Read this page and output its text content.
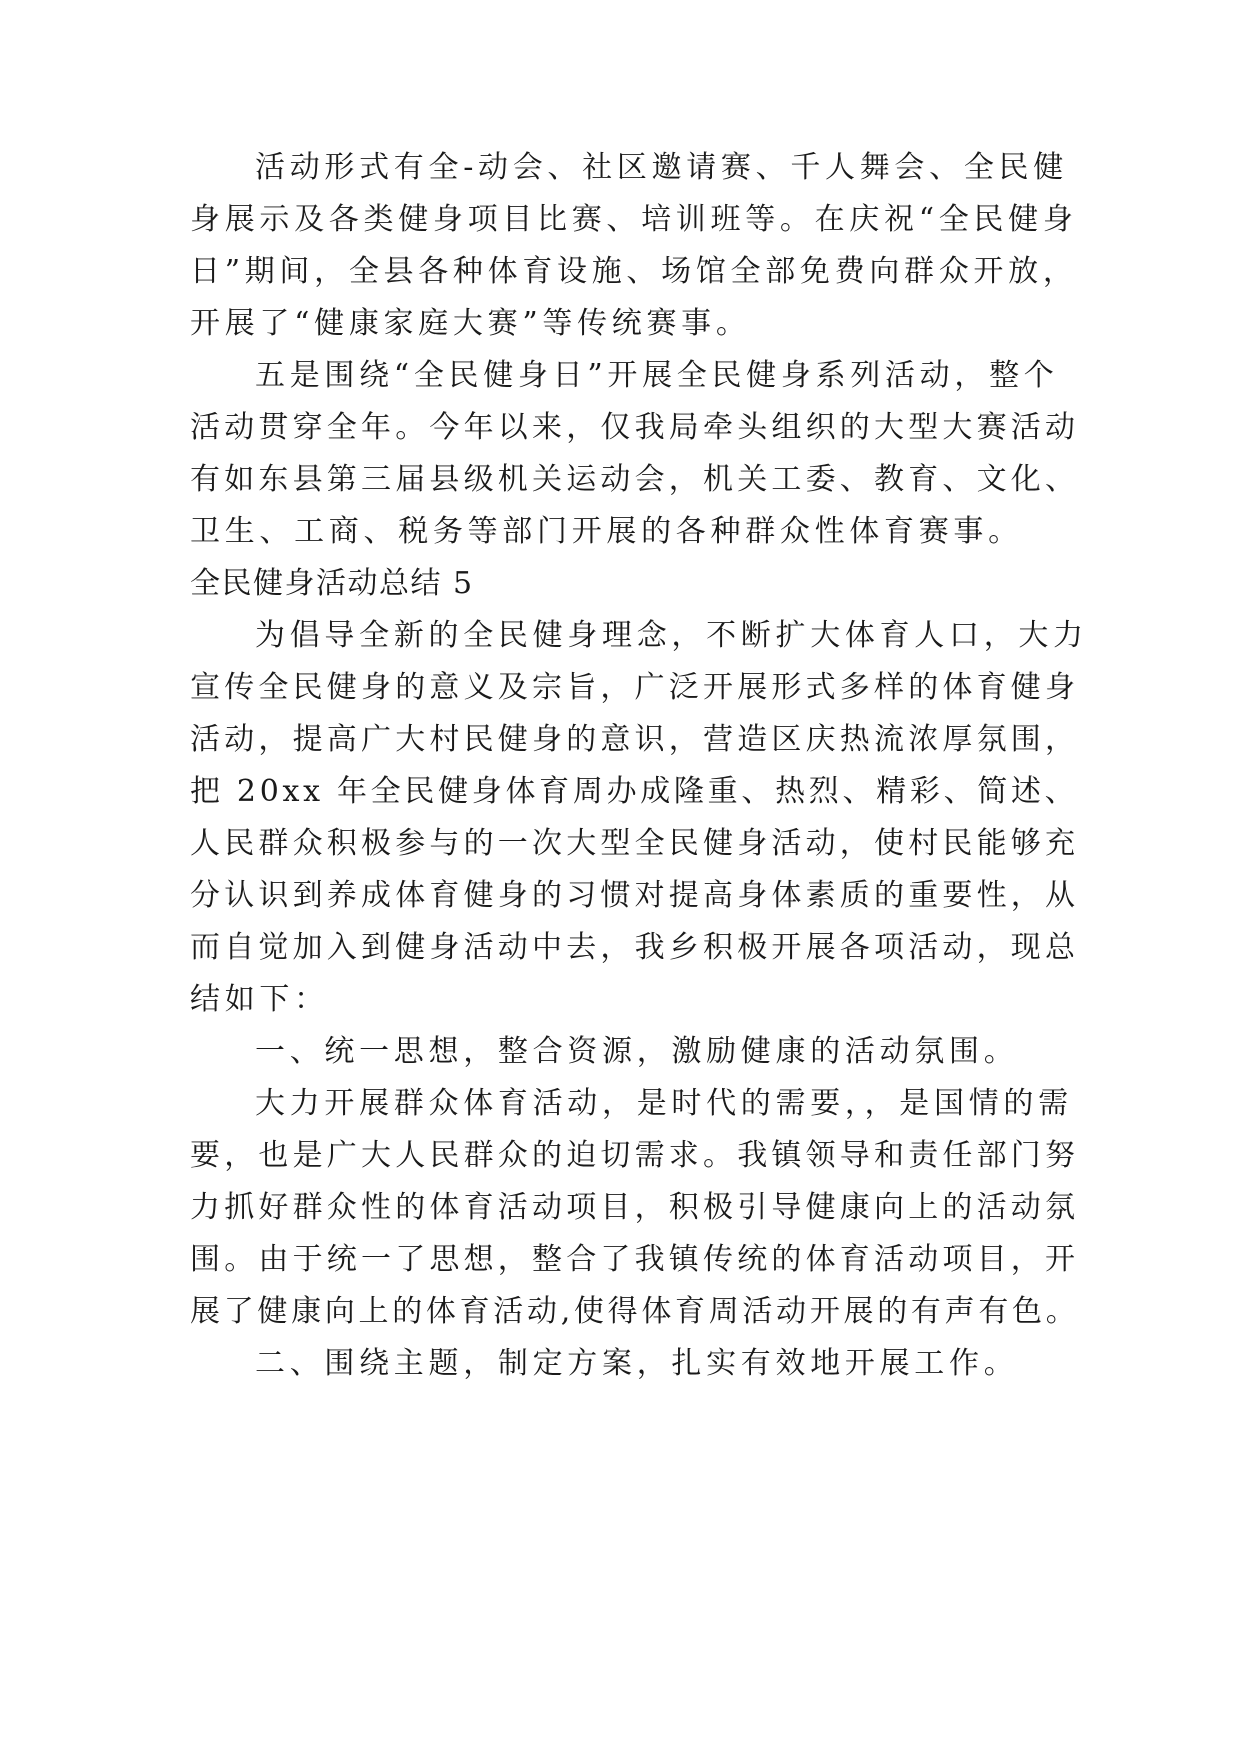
活动形式有全-动会、社区邀请赛、千人舞会、全民健

身展示及各类健身项目比赛、培训班等。在庆祝“全民健身

日”期间，全县各种体育设施、场馆全部免费向群众开放，

开展了“健康家庭大赛”等传统赛事。

五是围绕“全民健身日”开展全民健身系列活动，整个

活动贯穿全年。今年以来，仅我局牵头组织的大型大赛活动

有如东县第三届县级机关运动会，机关工委、教育、文化、

卫生、工商、税务等部门开展的各种群众性体育赛事。

全民健身活动总结 5

为倡导全新的全民健身理念，不断扩大体育人口，大力

宣传全民健身的意义及宗旨，广泛开展形式多样的体育健身

活动，提高广大村民健身的意识，营造区庆热流浓厚氛围，

把 20xx 年全民健身体育周办成隆重、热烈、精彩、简述、

人民群众积极参与的一次大型全民健身活动，使村民能够充

分认识到养成体育健身的习惯对提高身体素质的重要性，从

而自觉加入到健身活动中去，我乡积极开展各项活动，现总

结如下：

一、统一思想，整合资源，激励健康的活动氛围。

大力开展群众体育活动，是时代的需要，，是国情的需

要，也是广大人民群众的迫切需求。我镇领导和责任部门努

力抓好群众性的体育活动项目，积极引导健康向上的活动氛

围。由于统一了思想，整合了我镇传统的体育活动项目，开

展了健康向上的体育活动,使得体育周活动开展的有声有色。

二、围绕主题，制定方案，扎实有效地开展工作。
